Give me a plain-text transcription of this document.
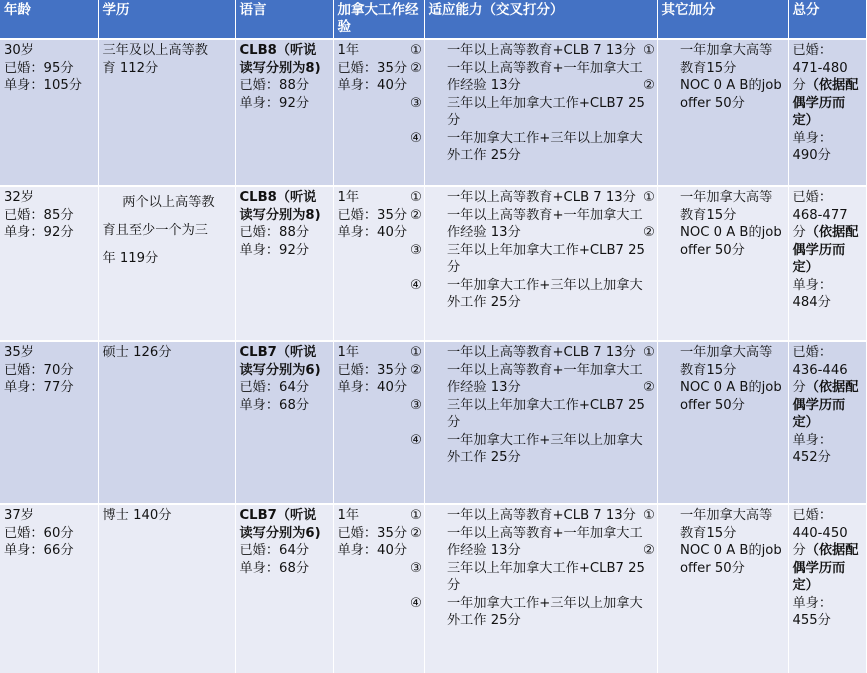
年龄	学历	语言	加拿大工作经验	适应能力（交叉打分）	其它加分	总分

30岁
已婚：95分
单身：105分	三年及以上高等教
育 112分	CLB8（听说
读写分别为8)
已婚：88分
单身：92分	1年
已婚：35分
单身：40分	① 一年以上高等教育+CLB 7 13分
② 一年以上高等教育+一年加拿大工作经验 13分
③ 三年以上年加拿大工作+CLB7 25分
④ 一年加拿大工作+三年以上加拿大外工作 25分	① 一年加拿大高等教育15分
② NOC 0 A B的job offer 50分	已婚：
471-480
分（依据配偶学历而定）
单身：
490分

32岁
已婚：85分
单身：92分	两个以上高等教
育且至少一个为三
年 119分	CLB8（听说
读写分别为8)
已婚：88分
单身：92分	1年
已婚：35分
单身：40分	① 一年以上高等教育+CLB 7 13分
② 一年以上高等教育+一年加拿大工作经验 13分
③ 三年以上年加拿大工作+CLB7 25分
④ 一年加拿大工作+三年以上加拿大外工作 25分	① 一年加拿大高等教育15分
② NOC 0 A B的job offer 50分	已婚：
468-477
分（依据配偶学历而定）
单身：
484分

35岁
已婚：70分
单身：77分	硕士 126分	CLB7（听说
读写分别为6)
已婚：64分
单身：68分	1年
已婚：35分
单身：40分	① 一年以上高等教育+CLB 7 13分
② 一年以上高等教育+一年加拿大工作经验 13分
③ 三年以上年加拿大工作+CLB7 25分
④ 一年加拿大工作+三年以上加拿大外工作 25分	① 一年加拿大高等教育15分
② NOC 0 A B的job offer 50分	已婚：
436-446
分（依据配偶学历而定）
单身：
452分

37岁
已婚：60分
单身：66分	博士 140分	CLB7（听说
读写分别为6)
已婚：64分
单身：68分	1年
已婚：35分
单身：40分	① 一年以上高等教育+CLB 7 13分
② 一年以上高等教育+一年加拿大工作经验 13分
③ 三年以上年加拿大工作+CLB7 25分
④ 一年加拿大工作+三年以上加拿大外工作 25分	① 一年加拿大高等教育15分
② NOC 0 A B的job offer 50分	已婚：
440-450
分（依据配偶学历而定）
单身：
455分
